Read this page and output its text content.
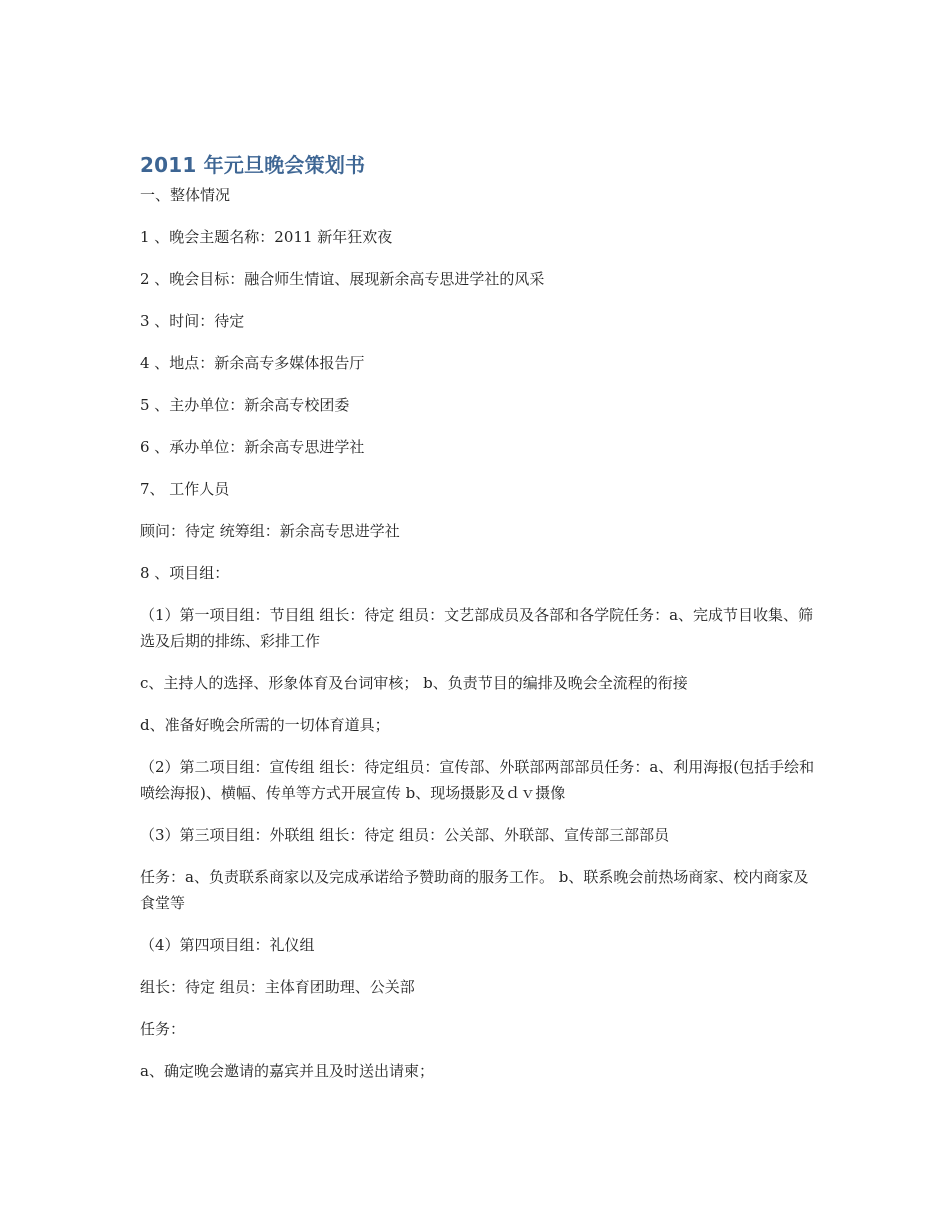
2011 年元旦晚会策划书

一、整体情况

1 、晚会主题名称：2011 新年狂欢夜

2 、晚会目标：融合师生情谊、展现新余高专思进学社的风采

3 、时间：待定

4 、地点：新余高专多媒体报告厅

5 、主办单位：新余高专校团委

6 、承办单位：新余高专思进学社

7、 工作人员

顾问：待定 统筹组：新余高专思进学社

8 、项目组：

（1）第一项目组：节目组 组长：待定 组员：文艺部成员及各部和各学院任务：a、完成节目收集、筛选及后期的排练、彩排工作

c、主持人的选择、形象体育及台词审核； b、负责节目的编排及晚会全流程的衔接

d、准备好晚会所需的一切体育道具；

（2）第二项目组：宣传组 组长：待定组员：宣传部、外联部两部部员任务：a、利用海报(包括手绘和喷绘海报)、横幅、传单等方式开展宣传 b、现场摄影及ｄｖ摄像

（3）第三项目组：外联组 组长：待定 组员：公关部、外联部、宣传部三部部员

任务：a、负责联系商家以及完成承诺给予赞助商的服务工作。 b、联系晚会前热场商家、校内商家及食堂等

（4）第四项目组：礼仪组

组长：待定 组员：主体育团助理、公关部

任务：

a、确定晚会邀请的嘉宾并且及时送出请柬；
